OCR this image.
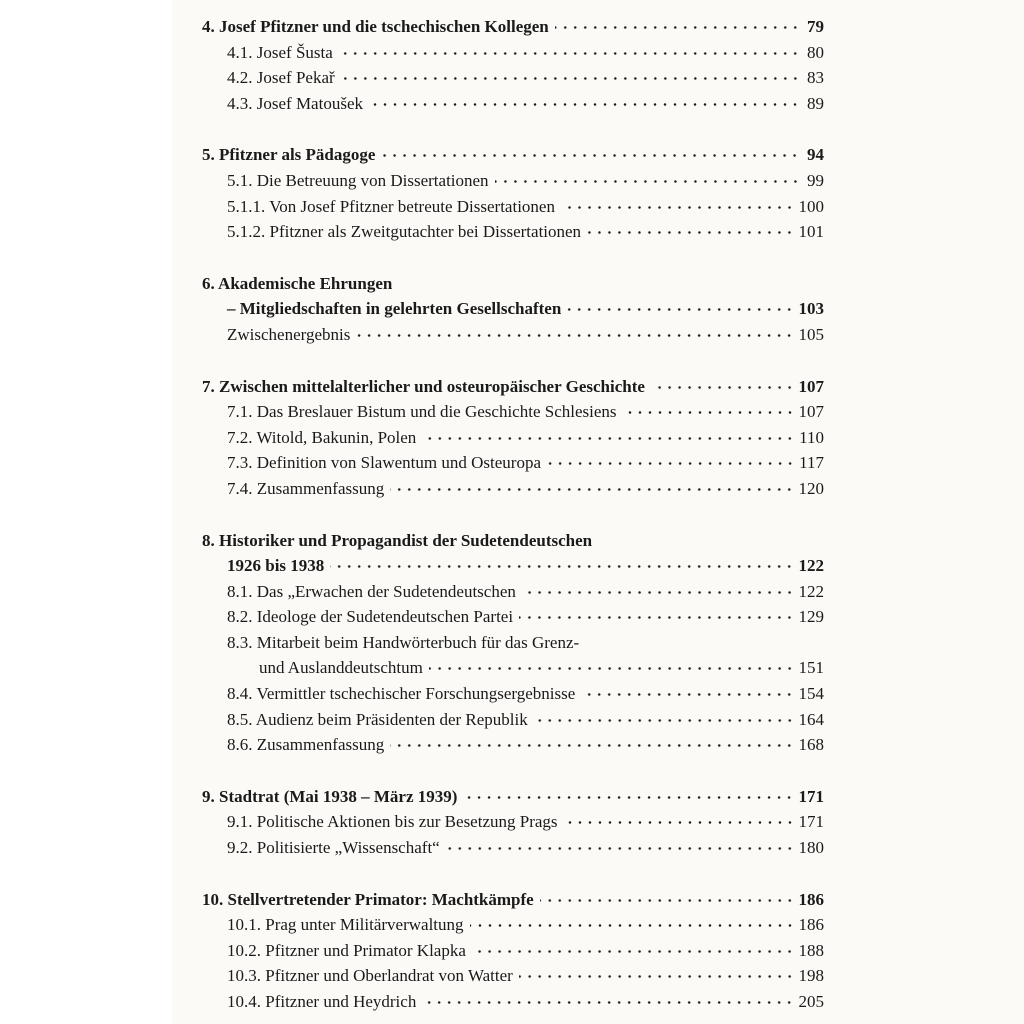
4. Josef Pfitzner und die tschechischen Kollegen	79
4.1. Josef Šusta	80
4.2. Josef Pekař	83
4.3. Josef Matoušek	89
5. Pfitzner als Pädagoge	94
5.1. Die Betreuung von Dissertationen	99
5.1.1. Von Josef Pfitzner betreute Dissertationen	100
5.1.2. Pfitzner als Zweitgutachter bei Dissertationen	101
6. Akademische Ehrungen
– Mitgliedschaften in gelehrten Gesellschaften	103
Zwischenergebnis	105
7. Zwischen mittelalterlicher und osteuropäischer Geschichte	107
7.1. Das Breslauer Bistum und die Geschichte Schlesiens	107
7.2. Witold, Bakunin, Polen	110
7.3. Definition von Slawentum und Osteuropa	117
7.4. Zusammenfassung	120
8. Historiker und Propagandist der Sudetendeutschen
1926 bis 1938	122
8.1. Das „Erwachen der Sudetendeutschen	122
8.2. Ideologe der Sudetendeutschen Partei	129
8.3. Mitarbeit beim Handwörterbuch für das Grenz-
und Auslanddeutschtum	151
8.4. Vermittler tschechischer Forschungsergebnisse	154
8.5. Audienz beim Präsidenten der Republik	164
8.6. Zusammenfassung	168
9. Stadtrat (Mai 1938 – März 1939)	171
9.1. Politische Aktionen bis zur Besetzung Prags	171
9.2. Politisierte „Wissenschaft“	180
10. Stellvertretender Primator: Machtkämpfe	186
10.1. Prag unter Militärverwaltung	186
10.2. Pfitzner und Primator Klapka	188
10.3. Pfitzner und Oberlandrat von Watter	198
10.4. Pfitzner und Heydrich	205
